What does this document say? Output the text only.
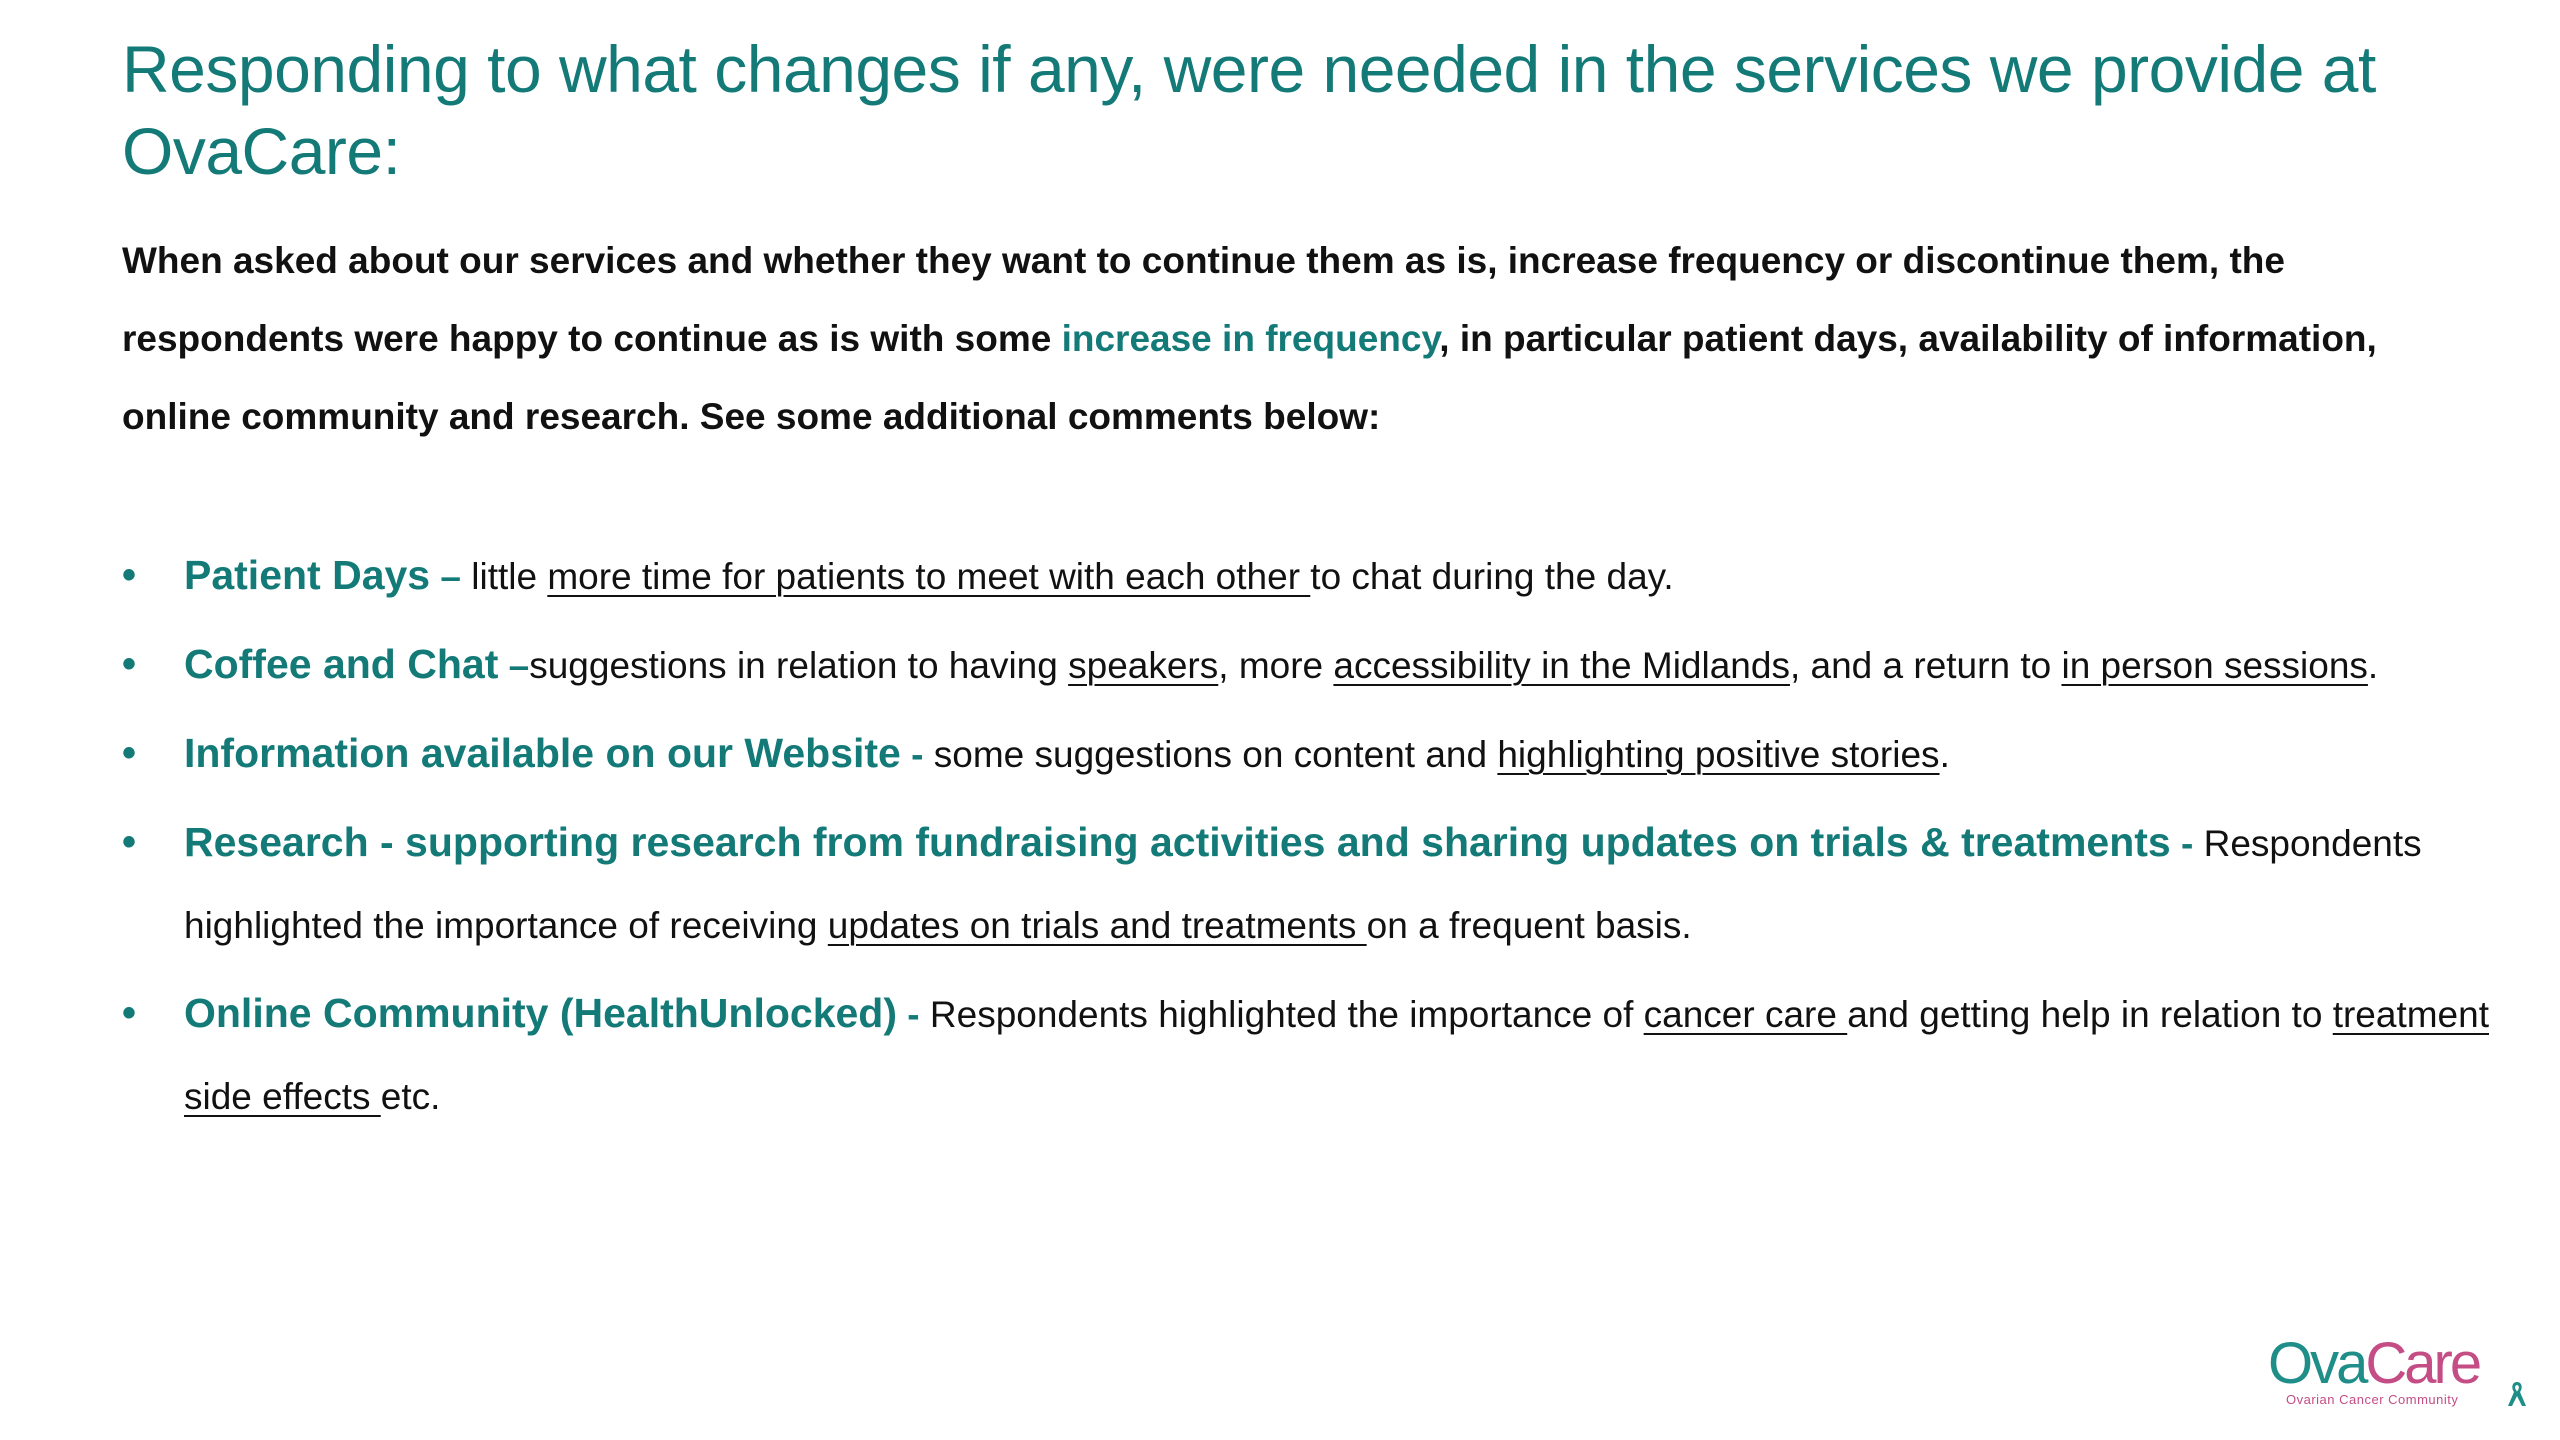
Responding to what changes if any, were needed in the services we provide at OvaCare:

When asked about our services and whether they want to continue them as is, increase frequency or discontinue them, the respondents were happy to continue as is with some increase in frequency, in particular patient days, availability of information, online community and research. See some additional comments below:

•	Patient Days – little more time for patients to meet with each other to chat during the day.
•	Coffee and Chat –suggestions in relation to having speakers, more accessibility in the Midlands, and a return to in person sessions.
•	Information available on our Website - some suggestions on content and highlighting positive stories.
•	Research - supporting research from fundraising activities and sharing updates on trials & treatments - Respondents highlighted the importance of receiving updates on trials and treatments on a frequent basis.
•	Online Community (HealthUnlocked) - Respondents highlighted the importance of cancer care and getting help in relation to treatment side effects etc.
OvaCare
Ovarian Cancer Community
